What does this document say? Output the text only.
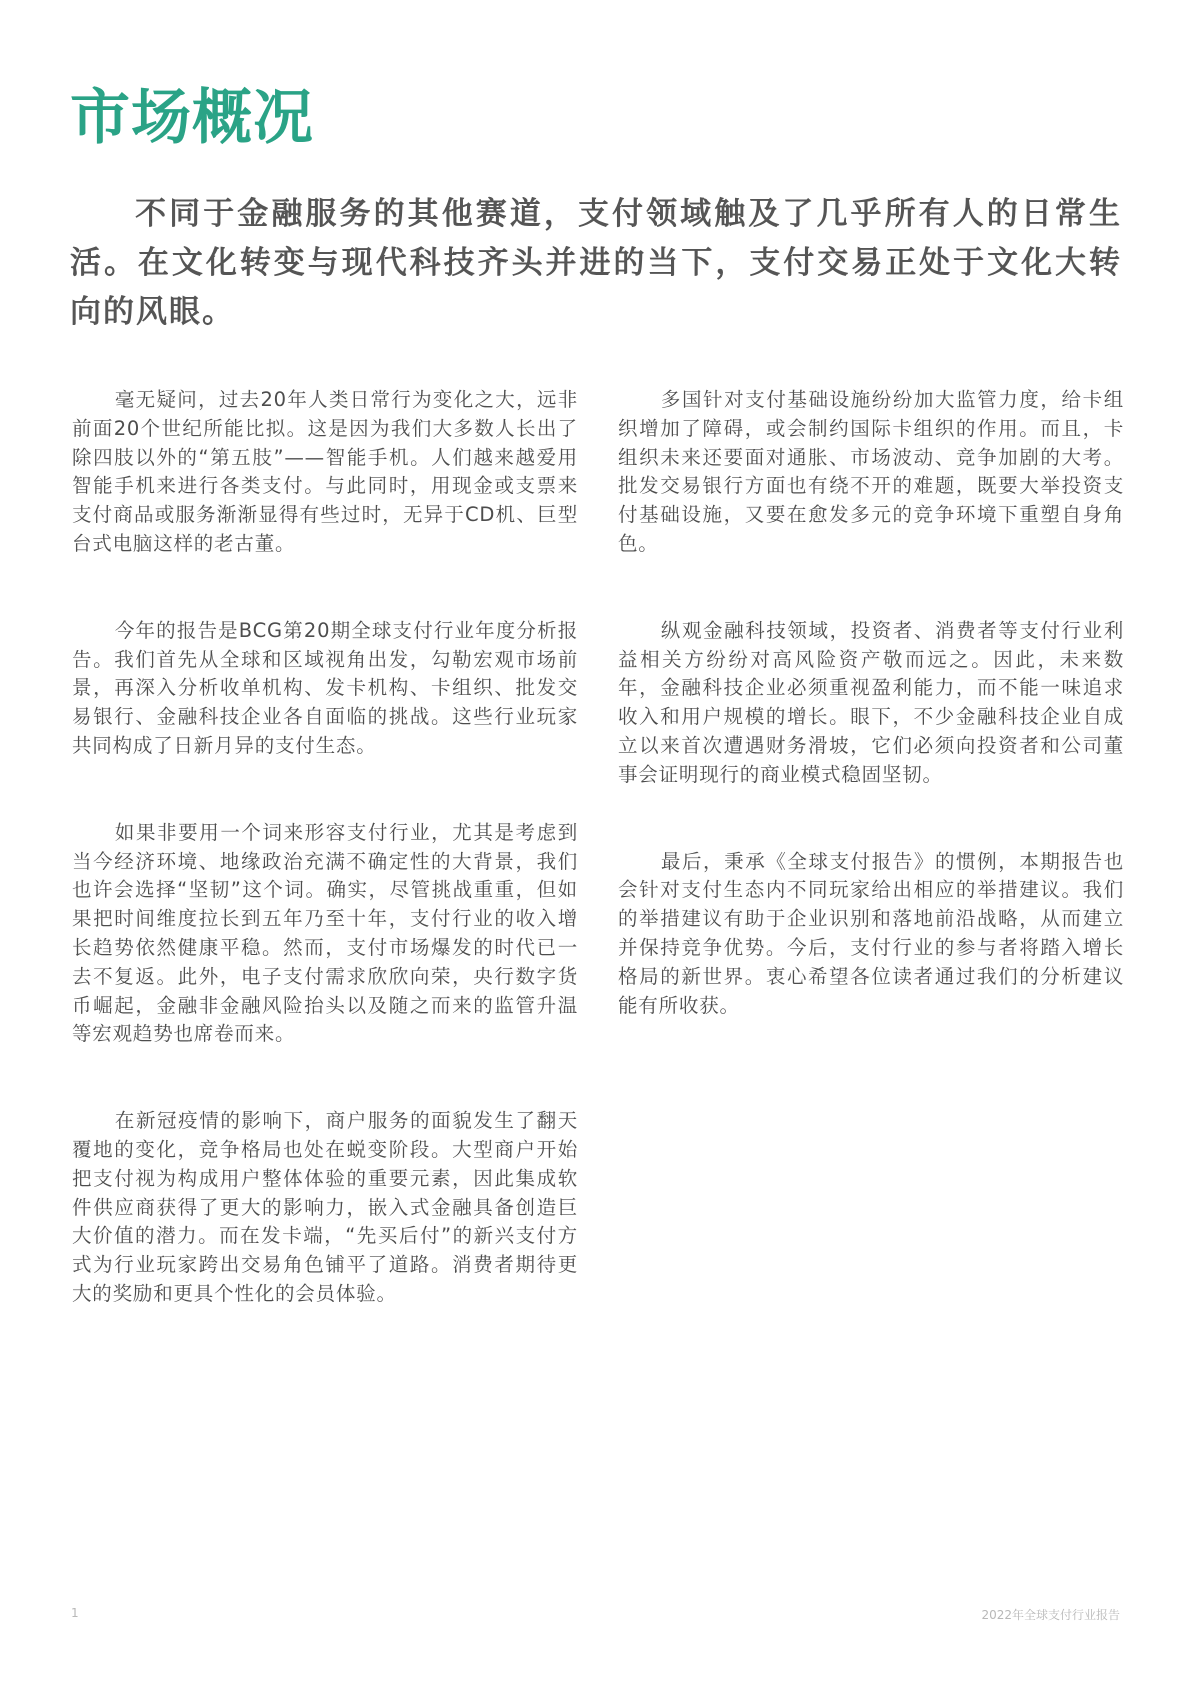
市场概况

不同于金融服务的其他赛道，支付领域触及了几乎所有人的日常生活。在文化转变与现代科技齐头并进的当下，支付交易正处于文化大转向的风眼。

毫无疑问，过去20年人类日常行为变化之大，远非前面20个世纪所能比拟。这是因为我们大多数人长出了除四肢以外的“第五肢”——智能手机。人们越来越爱用智能手机来进行各类支付。与此同时，用现金或支票来支付商品或服务渐渐显得有些过时，无异于CD机、巨型台式电脑这样的老古董。

今年的报告是BCG第20期全球支付行业年度分析报告。我们首先从全球和区域视角出发，勾勒宏观市场前景，再深入分析收单机构、发卡机构、卡组织、批发交易银行、金融科技企业各自面临的挑战。这些行业玩家共同构成了日新月异的支付生态。

如果非要用一个词来形容支付行业，尤其是考虑到当今经济环境、地缘政治充满不确定性的大背景，我们也许会选择“坚韧”这个词。确实，尽管挑战重重，但如果把时间维度拉长到五年乃至十年，支付行业的收入增长趋势依然健康平稳。然而，支付市场爆发的时代已一去不复返。此外，电子支付需求欣欣向荣，央行数字货币崛起，金融非金融风险抬头以及随之而来的监管升温等宏观趋势也席卷而来。

在新冠疫情的影响下，商户服务的面貌发生了翻天覆地的变化，竞争格局也处在蜕变阶段。大型商户开始把支付视为构成用户整体体验的重要元素，因此集成软件供应商获得了更大的影响力，嵌入式金融具备创造巨大价值的潜力。而在发卡端，“先买后付”的新兴支付方式为行业玩家跨出交易角色铺平了道路。消费者期待更大的奖励和更具个性化的会员体验。

多国针对支付基础设施纷纷加大监管力度，给卡组织增加了障碍，或会制约国际卡组织的作用。而且，卡组织未来还要面对通胀、市场波动、竞争加剧的大考。批发交易银行方面也有绕不开的难题，既要大举投资支付基础设施，又要在愈发多元的竞争环境下重塑自身角色。

纵观金融科技领域，投资者、消费者等支付行业利益相关方纷纷对高风险资产敬而远之。因此，未来数年，金融科技企业必须重视盈利能力，而不能一味追求收入和用户规模的增长。眼下，不少金融科技企业自成立以来首次遭遇财务滑坡，它们必须向投资者和公司董事会证明现行的商业模式稳固坚韧。

最后，秉承《全球支付报告》的惯例，本期报告也会针对支付生态内不同玩家给出相应的举措建议。我们的举措建议有助于企业识别和落地前沿战略，从而建立并保持竞争优势。今后，支付行业的参与者将踏入增长格局的新世界。衷心希望各位读者通过我们的分析建议能有所收获。

1	2022年全球支付行业报告
